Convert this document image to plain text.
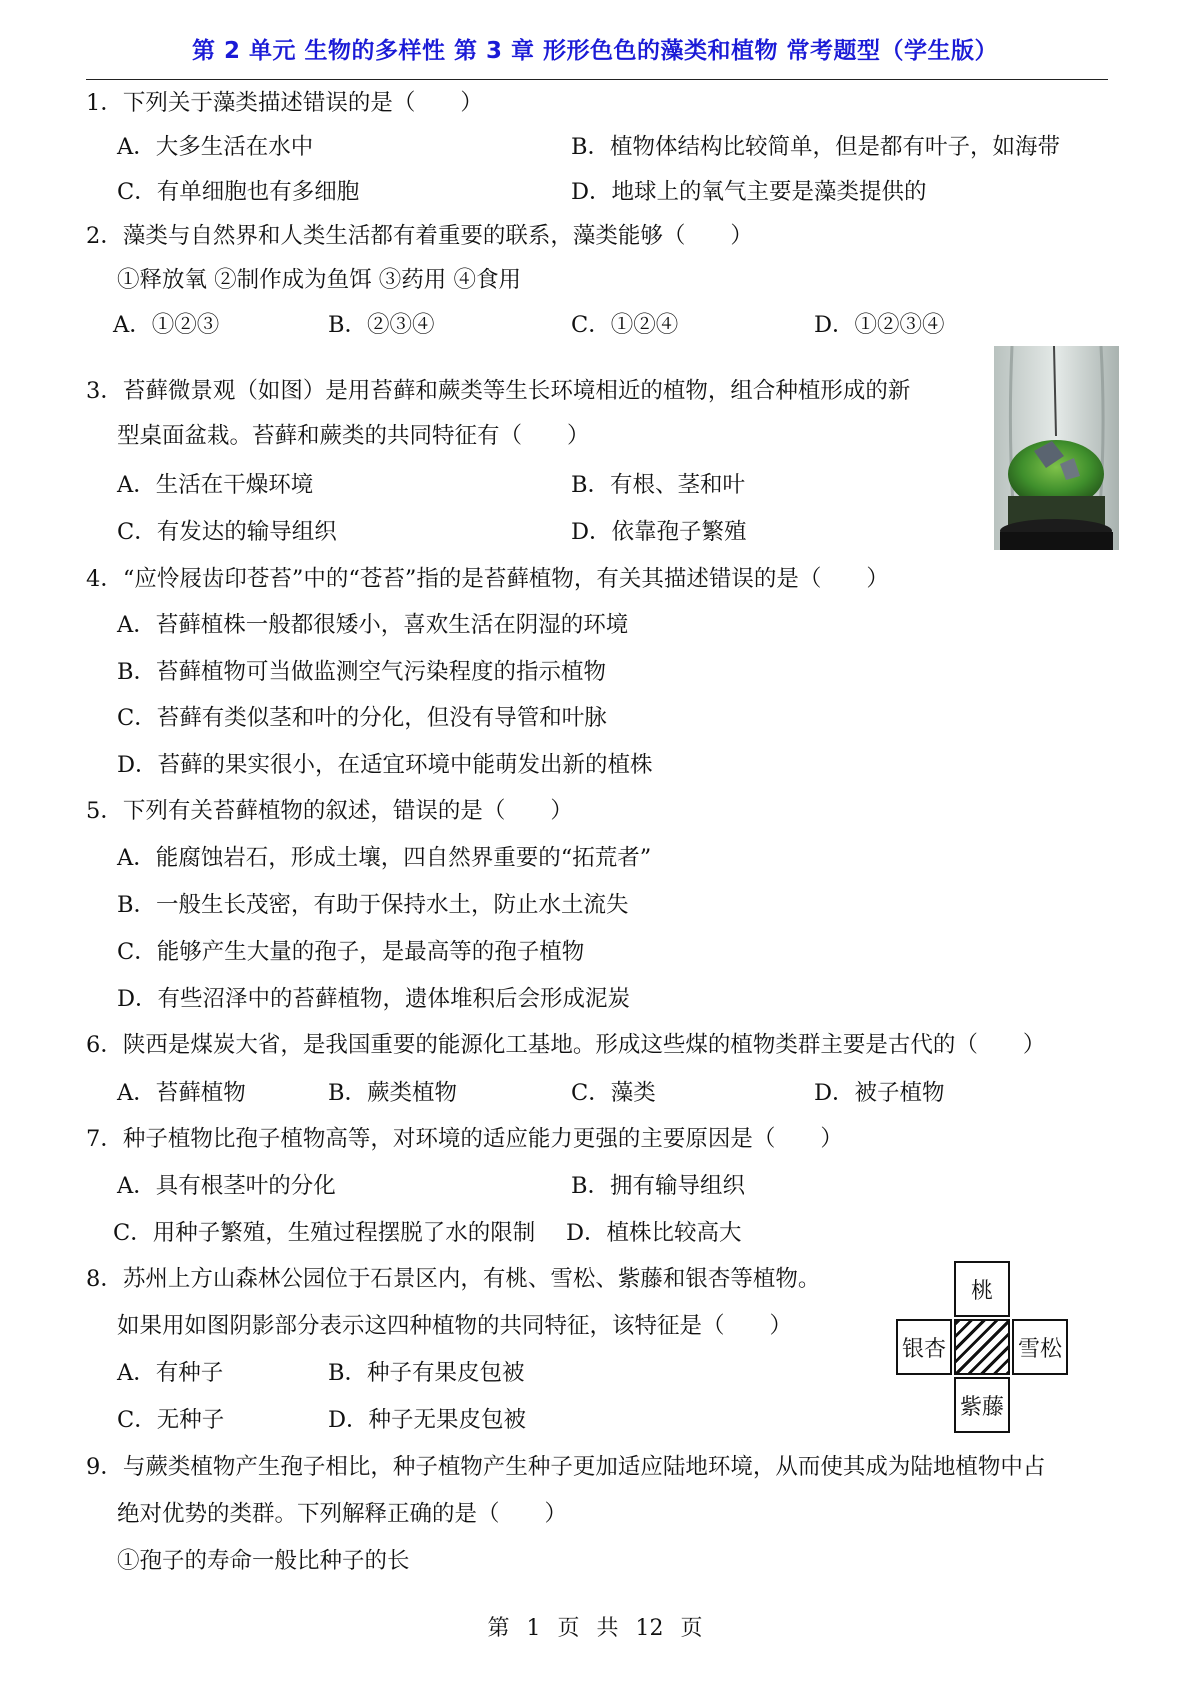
第 2 单元 生物的多样性 第 3 章 形形色色的藻类和植物 常考题型（学生版）
1．下列关于藻类描述错误的是（　　）
A．大多生活在水中	B．植物体结构比较简单，但是都有叶子，如海带
C．有单细胞也有多细胞	D．地球上的氧气主要是藻类提供的
2．藻类与自然界和人类生活都有着重要的联系，藻类能够（　　）
①释放氧 ②制作成为鱼饵 ③药用 ④食用
A．①②③	B．②③④	C．①②④	D．①②③④
3．苔藓微景观（如图）是用苔藓和蕨类等生长环境相近的植物，组合种植形成的新
型桌面盆栽。苔藓和蕨类的共同特征有（　　）
A．生活在干燥环境	B．有根、茎和叶
C．有发达的输导组织	D．依靠孢子繁殖
4．“应怜屐齿印苍苔”中的“苍苔”指的是苔藓植物，有关其描述错误的是（　　）
A．苔藓植株一般都很矮小，喜欢生活在阴湿的环境
B．苔藓植物可当做监测空气污染程度的指示植物
C．苔藓有类似茎和叶的分化，但没有导管和叶脉
D．苔藓的果实很小，在适宜环境中能萌发出新的植株
5．下列有关苔藓植物的叙述，错误的是（　　）
A．能腐蚀岩石，形成土壤，四自然界重要的“拓荒者”
B．一般生长茂密，有助于保持水土，防止水土流失
C．能够产生大量的孢子，是最高等的孢子植物
D．有些沼泽中的苔藓植物，遗体堆积后会形成泥炭
6．陕西是煤炭大省，是我国重要的能源化工基地。形成这些煤的植物类群主要是古代的（　　）
A．苔藓植物	B．蕨类植物	C．藻类	D．被子植物
7．种子植物比孢子植物高等，对环境的适应能力更强的主要原因是（　　）
A．具有根茎叶的分化	B．拥有输导组织
C．用种子繁殖，生殖过程摆脱了水的限制 D．植株比较高大
8．苏州上方山森林公园位于石景区内，有桃、雪松、紫藤和银杏等植物。
如果用如图阴影部分表示这四种植物的共同特征，该特征是（　　）
A．有种子	B．种子有果皮包被
C．无种子	D．种子无果皮包被
桃
银杏	雪松
紫藤
9．与蕨类植物产生孢子相比，种子植物产生种子更加适应陆地环境，从而使其成为陆地植物中占
绝对优势的类群。下列解释正确的是（　　）
①孢子的寿命一般比种子的长
第 1 页 共 12 页
